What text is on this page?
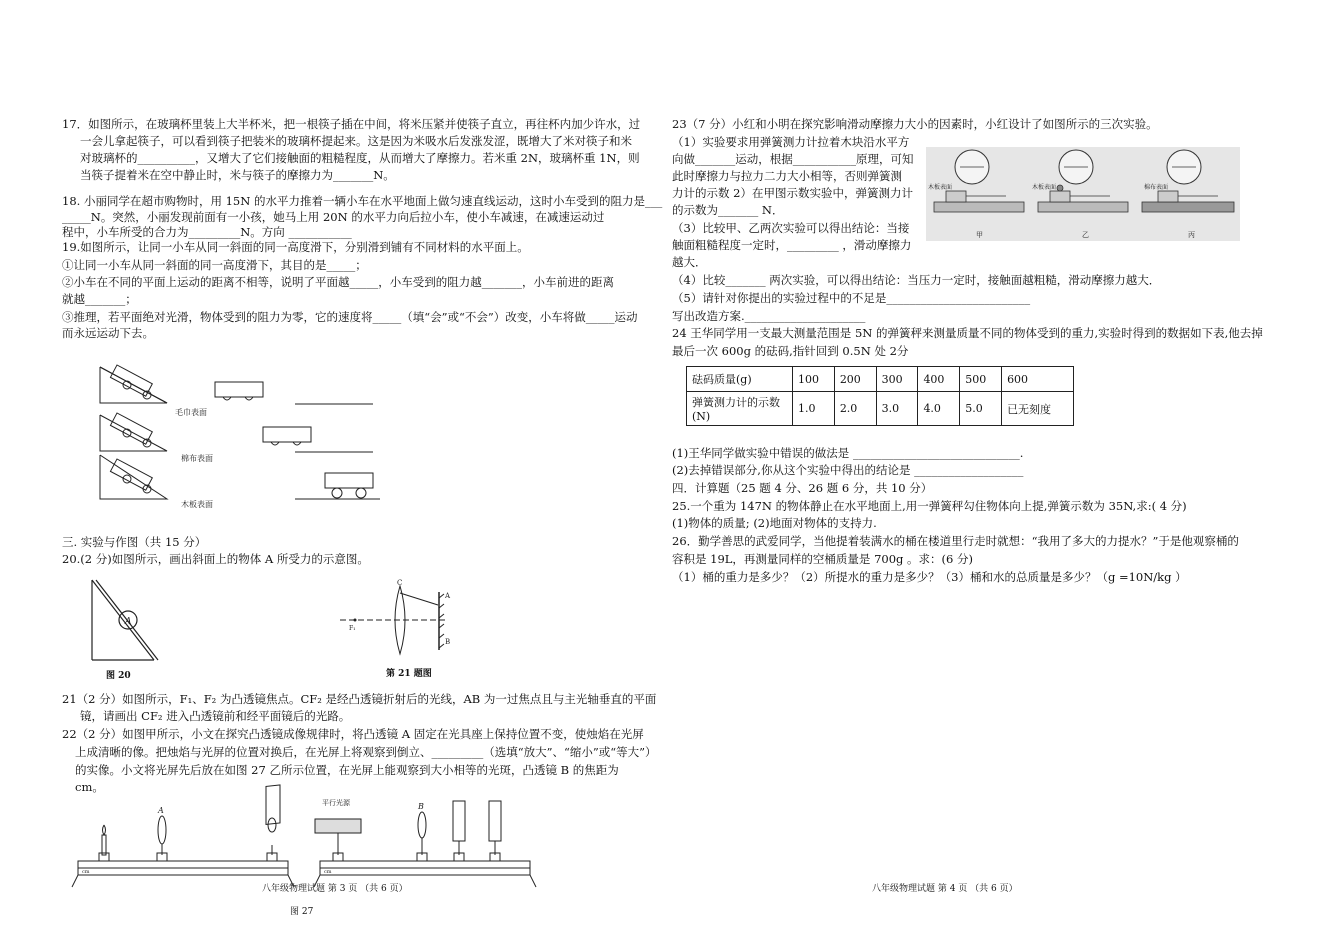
17．如图所示，在玻璃杯里装上大半杯米，把一根筷子插在中间，将米压紧并使筷子直立，再往杯内加少许水，过
一会儿拿起筷子，可以看到筷子把装米的玻璃杯提起来。这是因为米吸水后发涨发涩，既增大了米对筷子和米
对玻璃杯的__________，又增大了它们接触面的粗糙程度，从而增大了摩擦力。若米重 2N，玻璃杯重 1N，则
当筷子提着米在空中静止时，米与筷子的摩擦力为_______N。
18. 小丽同学在超市购物时，用 15N 的水平力推着一辆小车在水平地面上做匀速直线运动，这时小车受到的阻力是___
_____N。突然，小丽发现前面有一小孩，她马上用 20N 的水平力向后拉小车，使小车减速，在减速运动过
程中，小车所受的合力为_________N。方向 ___________
19.如图所示，让同一小车从同一斜面的同一高度滑下，分别滑到铺有不同材料的水平面上。
①让同一小车从同一斜面的同一高度滑下，其目的是_____；
②小车在不同的平面上运动的距离不相等，说明了平面越_____，小车受到的阻力越_______，小车前进的距离
就越_______；
③推理，若平面绝对光滑，物体受到的阻力为零，它的速度将_____（填“会”或“不会”）改变，小车将做_____运动
而永远运动下去。
毛巾表面
棉布表面
木板表面
三. 实验与作图（共 15 分）
20.(2 分)如图所示，画出斜面上的物体 A 所受力的示意图。
A
图 20
C
A
B
F₁
第 21 题图
21（2 分）如图所示，F₁、F₂ 为凸透镜焦点。CF₂ 是经凸透镜折射后的光线，AB 为一过焦点且与主光轴垂直的平面
镜，请画出 CF₂ 进入凸透镜前和经平面镜后的光路。
22（2 分）如图甲所示，小文在探究凸透镜成像规律时，将凸透镜 A 固定在光具座上保持位置不变，使烛焰在光屏
上成清晰的像。把烛焰与光屏的位置对换后，在光屏上将观察到倒立、_________（选填“放大”、“缩小”或“等大”）
的实像。小文将光屏先后放在如图 27 乙所示位置，在光屏上能观察到大小相等的光斑，凸透镜 B 的焦距为
cm。
A	B
平行光源
cm	cm
图 27
八年级物理试题 第 3 页 （共 6 页）
23（7 分）小红和小明在探究影响滑动摩擦力大小的因素时，小红设计了如图所示的三次实验。
（1）实验要求用弹簧测力计拉着木块沿水平方
向做_______运动，根据___________原理，可知
此时摩擦力与拉力二力大小相等，否则弹簧测
力计的示数 2）在甲图示数实验中，弹簧测力计
的示数为_______ N．
（3）比较甲、乙两次实验可以得出结论：当接
触面粗糙程度一定时，_________ ，滑动摩擦力
越大．
（4）比较_______ 两次实验，可以得出结论：当压力一定时，接触面越粗糙，滑动摩擦力越大．
（5）请针对你提出的实验过程中的不足是_________________________
写出改造方案._____________________
木板表面	木板表面	棉布表面
甲	乙	丙
24 王华同学用一支最大测量范围是 5N 的弹簧秤来测量质量不同的物体受到的重力,实验时得到的数据如下表,他去掉
最后一次 600g 的砝码,指针回到 0.5N 处 2分
砝码质量(g)	100	200	300	400	500	600
弹簧测力计的示数(N)	1.0	2.0	3.0	4.0	5.0	已无刻度
(1)王华同学做实验中错误的做法是 _____________________________.
(2)去掉错误部分,你从这个实验中得出的结论是 ___________________
四．计算题（25 题 4 分、26 题 6 分，共 10 分）
25.一个重为 147N 的物体静止在水平地面上,用一弹簧秤勾住物体向上提,弹簧示数为 35N,求:( 4 分)
(1)物体的质量; (2)地面对物体的支持力.
26．勤学善思的武爱同学，当他提着装满水的桶在楼道里行走时就想：“我用了多大的力提水？”于是他观察桶的
容积是 19L，再测量同样的空桶质量是 700g 。求：(6 分)
（1）桶的重力是多少？（2）所提水的重力是多少？（3）桶和水的总质量是多少？（g =10N/kg ）
八年级物理试题 第 4 页 （共 6 页）
